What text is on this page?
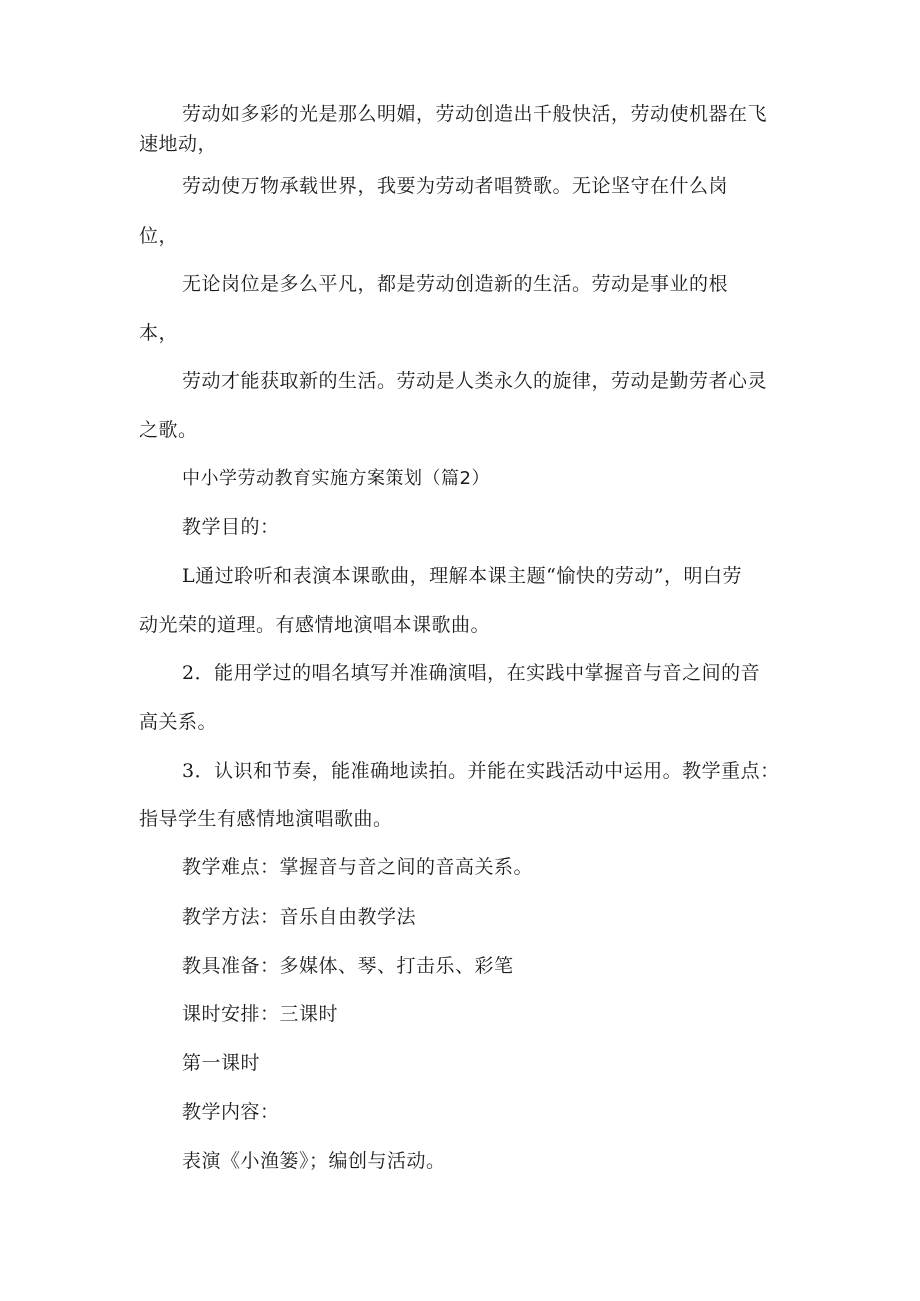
劳动如多彩的光是那么明媚，劳动创造出千般快活，劳动使机器在飞
速地动，
劳动使万物承载世界，我要为劳动者唱赞歌。无论坚守在什么岗
位，
无论岗位是多么平凡，都是劳动创造新的生活。劳动是事业的根
本，
劳动才能获取新的生活。劳动是人类永久的旋律，劳动是勤劳者心灵
之歌。
中小学劳动教育实施方案策划（篇2）
教学目的：
L通过聆听和表演本课歌曲，理解本课主题“愉快的劳动”，明白劳
动光荣的道理。有感情地演唱本课歌曲。
2．能用学过的唱名填写并准确演唱，在实践中掌握音与音之间的音
高关系。
3．认识和节奏，能准确地读拍。并能在实践活动中运用。教学重点：
指导学生有感情地演唱歌曲。
教学难点：掌握音与音之间的音高关系。
教学方法：音乐自由教学法
教具准备：多媒体、琴、打击乐、彩笔
课时安排：三课时
第一课时
教学内容：
表演《小渔篓》；编创与活动。
